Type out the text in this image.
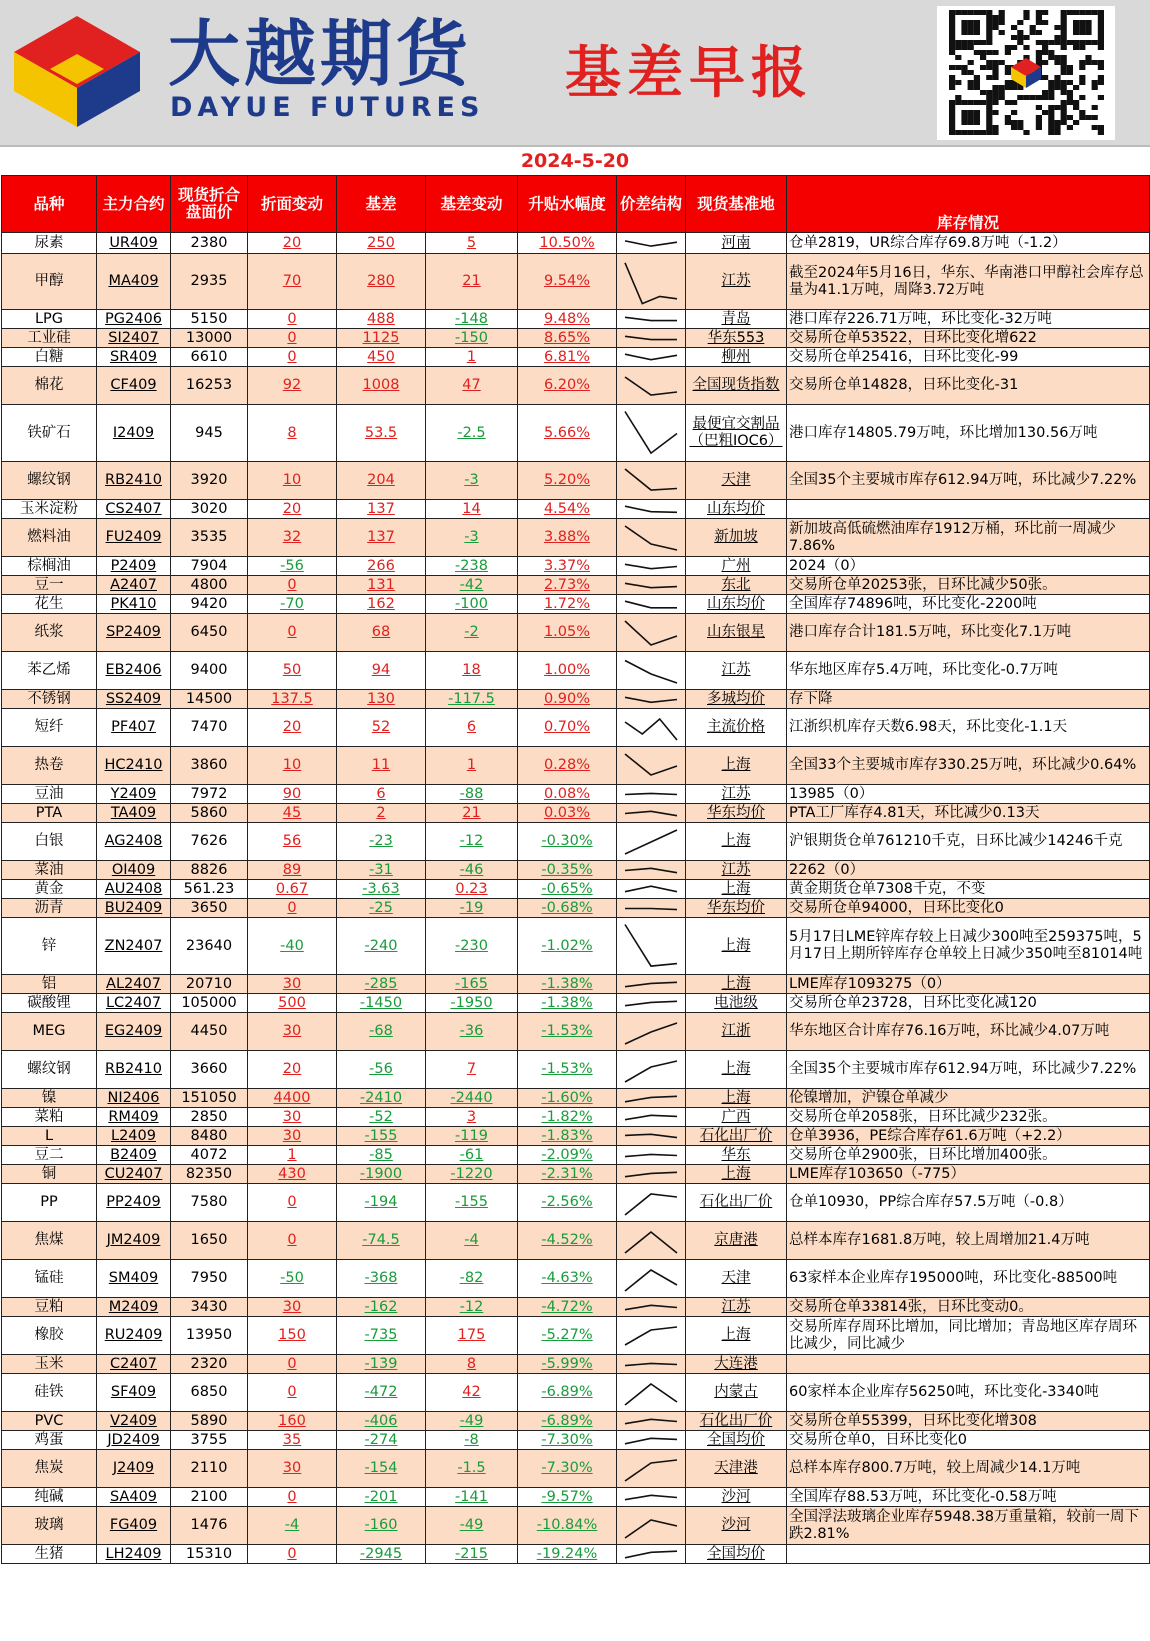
大越期货
DAYUE FUTURES
基差早报
2024-5-20
品种	主力合约	现货折合盘面价	折面变动	基差	基差变动	升贴水幅度	价差结构	现货基准地	库存情况
尿素	UR409	2380	20	250	5	10.50%		河南	仓单2819，UR综合库存69.8万吨（-1.2）
甲醇	MA409	2935	70	280	21	9.54%		江苏	截至2024年5月16日，华东、华南港口甲醇社会库存总量为41.1万吨，周降3.72万吨
LPG	PG2406	5150	0	488	-148	9.48%		青岛	港口库存226.71万吨，环比变化-32万吨
工业硅	SI2407	13000	0	1125	-150	8.65%		华东553	交易所仓单53522，日环比变化增622
白糖	SR409	6610	0	450	1	6.81%		柳州	交易所仓单25416，日环比变化-99
棉花	CF409	16253	92	1008	47	6.20%		全国现货指数	交易所仓单14828，日环比变化-31
铁矿石	I2409	945	8	53.5	-2.5	5.66%		最便宜交割品（巴粗IOC6）	港口库存14805.79万吨，环比增加130.56万吨
螺纹钢	RB2410	3920	10	204	-3	5.20%		天津	全国35个主要城市库存612.94万吨，环比减少7.22%
玉米淀粉	CS2407	3020	20	137	14	4.54%		山东均价	
燃料油	FU2409	3535	32	137	-3	3.88%		新加坡	新加坡高低硫燃油库存1912万桶，环比前一周减少7.86%
棕榈油	P2409	7904	-56	266	-238	3.37%		广州	2024（0）
豆一	A2407	4800	0	131	-42	2.73%		东北	交易所仓单20253张，日环比减少50张。
花生	PK410	9420	-70	162	-100	1.72%		山东均价	全国库存74896吨，环比变化-2200吨
纸浆	SP2409	6450	0	68	-2	1.05%		山东银星	港口库存合计181.5万吨，环比变化7.1万吨
苯乙烯	EB2406	9400	50	94	18	1.00%		江苏	华东地区库存5.4万吨，环比变化-0.7万吨
不锈钢	SS2409	14500	137.5	130	-117.5	0.90%		多城均价	存下降
短纤	PF407	7470	20	52	6	0.70%		主流价格	江浙织机库存天数6.98天，环比变化-1.1天
热卷	HC2410	3860	10	11	1	0.28%		上海	全国33个主要城市库存330.25万吨，环比减少0.64%
豆油	Y2409	7972	90	6	-88	0.08%		江苏	13985（0）
PTA	TA409	5860	45	2	21	0.03%		华东均价	PTA工厂库存4.81天，环比减少0.13天
白银	AG2408	7626	56	-23	-12	-0.30%		上海	沪银期货仓单761210千克，日环比减少14246千克
菜油	OI409	8826	89	-31	-46	-0.35%		江苏	2262（0）
黄金	AU2408	561.23	0.67	-3.63	0.23	-0.65%		上海	黄金期货仓单7308千克，不变
沥青	BU2409	3650	0	-25	-19	-0.68%		华东均价	交易所仓单94000，日环比变化0
锌	ZN2407	23640	-40	-240	-230	-1.02%		上海	5月17日LME锌库存较上日减少300吨至259375吨，5月17日上期所锌库存仓单较上日减少350吨至81014吨
铝	AL2407	20710	30	-285	-165	-1.38%		上海	LME库存1093275（0）
碳酸锂	LC2407	105000	500	-1450	-1950	-1.38%		电池级	交易所仓单23728，日环比变化减120
MEG	EG2409	4450	30	-68	-36	-1.53%		江浙	华东地区合计库存76.16万吨，环比减少4.07万吨
螺纹钢	RB2410	3660	20	-56	7	-1.53%		上海	全国35个主要城市库存612.94万吨，环比减少7.22%
镍	NI2406	151050	4400	-2410	-2440	-1.60%		上海	伦镍增加，沪镍仓单减少
菜粕	RM409	2850	30	-52	3	-1.82%		广西	交易所仓单2058张，日环比减少232张。
L	L2409	8480	30	-155	-119	-1.83%		石化出厂价	仓单3936，PE综合库存61.6万吨（+2.2）
豆二	B2409	4072	1	-85	-61	-2.09%		华东	交易所仓单2900张，日环比增加400张。
铜	CU2407	82350	430	-1900	-1220	-2.31%		上海	LME库存103650（-775）
PP	PP2409	7580	0	-194	-155	-2.56%		石化出厂价	仓单10930，PP综合库存57.5万吨（-0.8）
焦煤	JM2409	1650	0	-74.5	-4	-4.52%		京唐港	总样本库存1681.8万吨，较上周增加21.4万吨
锰硅	SM409	7950	-50	-368	-82	-4.63%		天津	63家样本企业库存195000吨，环比变化-88500吨
豆粕	M2409	3430	30	-162	-12	-4.72%		江苏	交易所仓单33814张，日环比变动0。
橡胶	RU2409	13950	150	-735	175	-5.27%		上海	交易所库存周环比增加，同比增加；青岛地区库存周环比减少，同比减少
玉米	C2407	2320	0	-139	8	-5.99%		大连港	
硅铁	SF409	6850	0	-472	42	-6.89%		内蒙古	60家样本企业库存56250吨，环比变化-3340吨
PVC	V2409	5890	160	-406	-49	-6.89%		石化出厂价	交易所仓单55399，日环比变化增308
鸡蛋	JD2409	3755	35	-274	-8	-7.30%		全国均价	交易所仓单0，日环比变化0
焦炭	J2409	2110	30	-154	-1.5	-7.30%		天津港	总样本库存800.7万吨，较上周减少14.1万吨
纯碱	SA409	2100	0	-201	-141	-9.57%		沙河	全国库存88.53万吨，环比变化-0.58万吨
玻璃	FG409	1476	-4	-160	-49	-10.84%		沙河	全国浮法玻璃企业库存5948.38万重量箱，较前一周下跌2.81%
生猪	LH2409	15310	0	-2945	-215	-19.24%		全国均价	
